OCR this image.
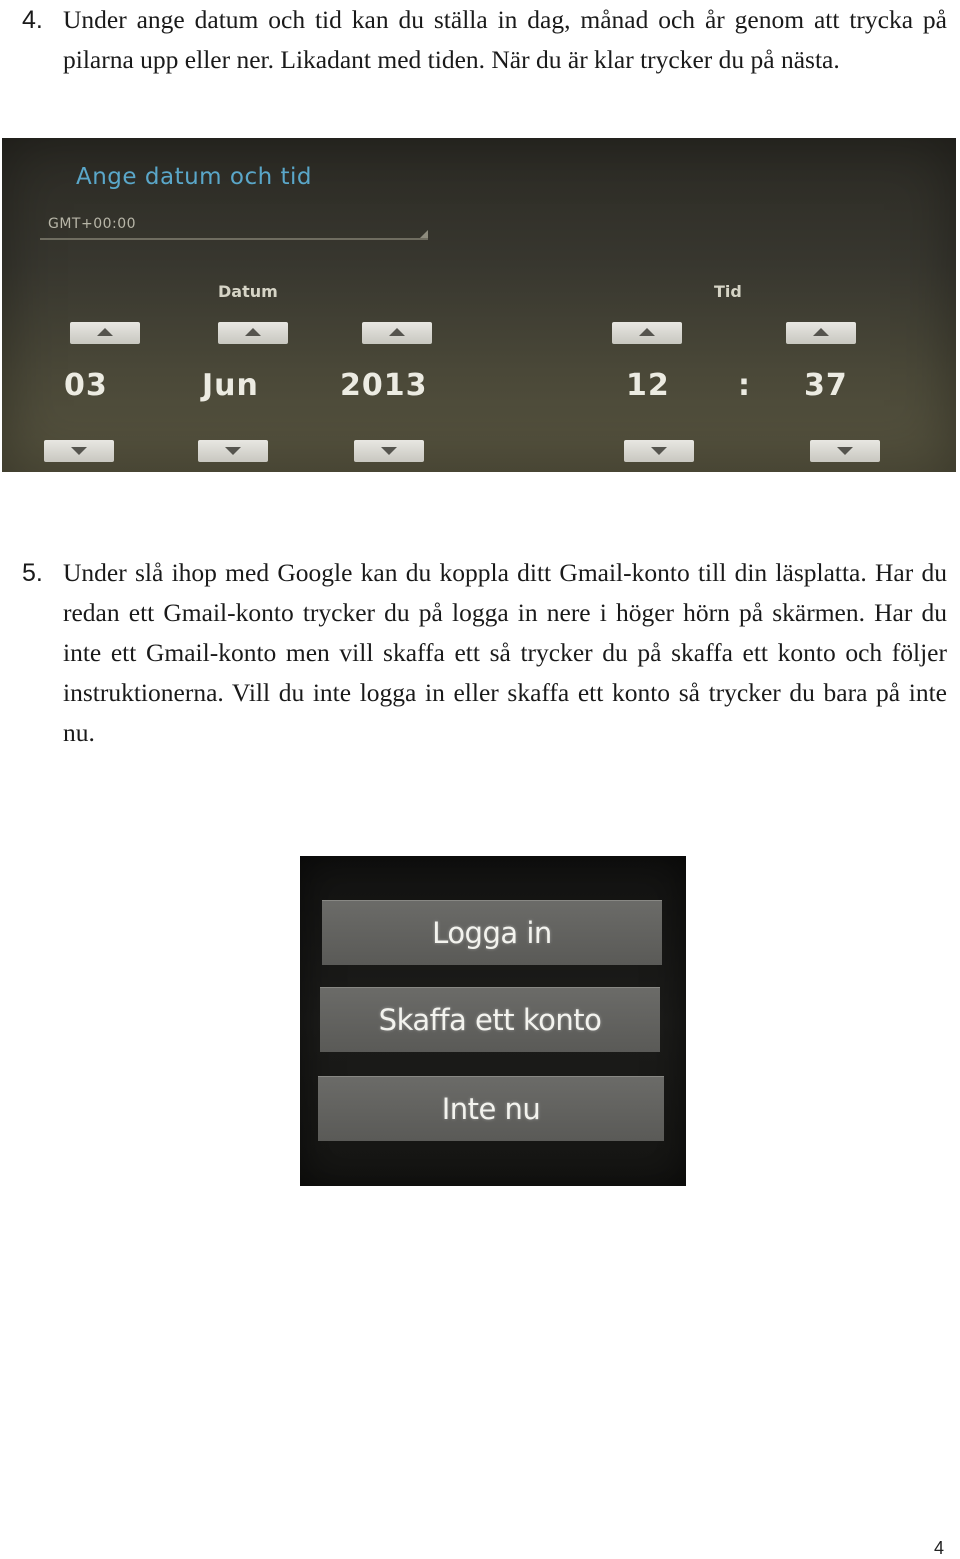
4. Under ange datum och tid kan du ställa in dag, månad och år genom att trycka på pilarna upp eller ner. Likadant med tiden. När du är klar trycker du på nästa.
Ange datum och tid
GMT+00:00
Datum	Tid
03	Jun	2013	12 : 37
5. Under slå ihop med Google kan du koppla ditt Gmail-konto till din läsplatta. Har du redan ett Gmail-konto trycker du på logga in nere i höger hörn på skärmen. Har du inte ett Gmail-konto men vill skaffa ett så trycker du på skaffa ett konto och följer instruktionerna. Vill du inte logga in eller skaffa ett konto så trycker du bara på inte nu.
Logga in
Skaffa ett konto
Inte nu
4
